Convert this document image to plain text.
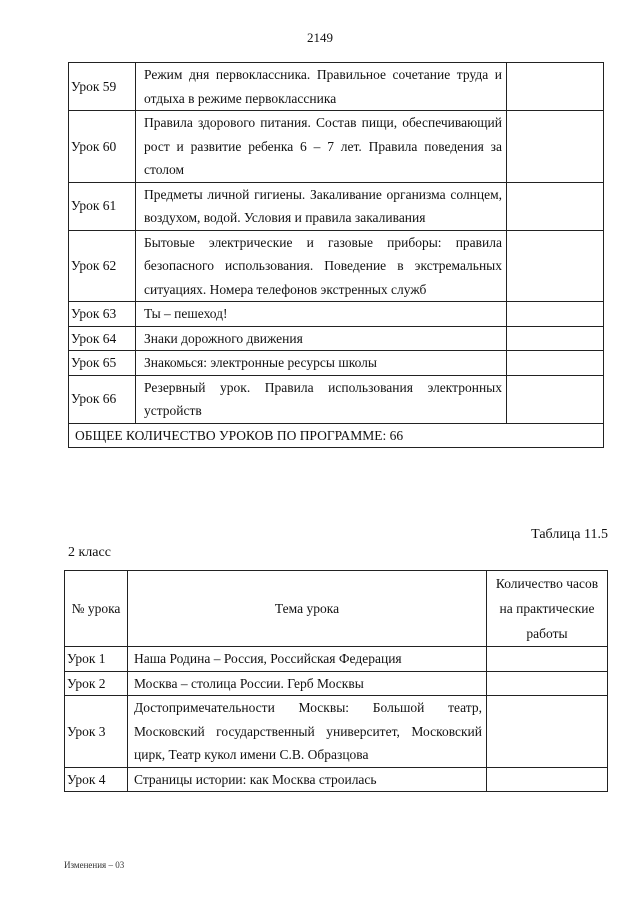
2149
Урок 59	Режим дня первоклассника. Правильное сочетание труда и отдыха в режиме первоклассника	
Урок 60	Правила здорового питания. Состав пищи, обеспечивающий рост и развитие ребенка 6 – 7 лет. Правила поведения за столом	
Урок 61	Предметы личной гигиены. Закаливание организма солнцем, воздухом, водой. Условия и правила закаливания	
Урок 62	Бытовые электрические и газовые приборы: правила безопасного использования. Поведение в экстремальных ситуациях. Номера телефонов экстренных служб	
Урок 63	Ты – пешеход!	
Урок 64	Знаки дорожного движения	
Урок 65	Знакомься: электронные ресурсы школы	
Урок 66	Резервный урок. Правила использования электронных устройств	
ОБЩЕЕ КОЛИЧЕСТВО УРОКОВ ПО ПРОГРАММЕ: 66		
Таблица 11.5
2 класс
№ урока	Тема урока	Количество часов на практические работы
Урок 1	Наша Родина – Россия, Российская Федерация	
Урок 2	Москва – столица России. Герб Москвы	
Урок 3	Достопримечательности Москвы: Большой театр, Московский государственный университет, Московский цирк, Театр кукол имени С.В. Образцова	
Урок 4	Страницы истории: как Москва строилась	
Изменения – 03
